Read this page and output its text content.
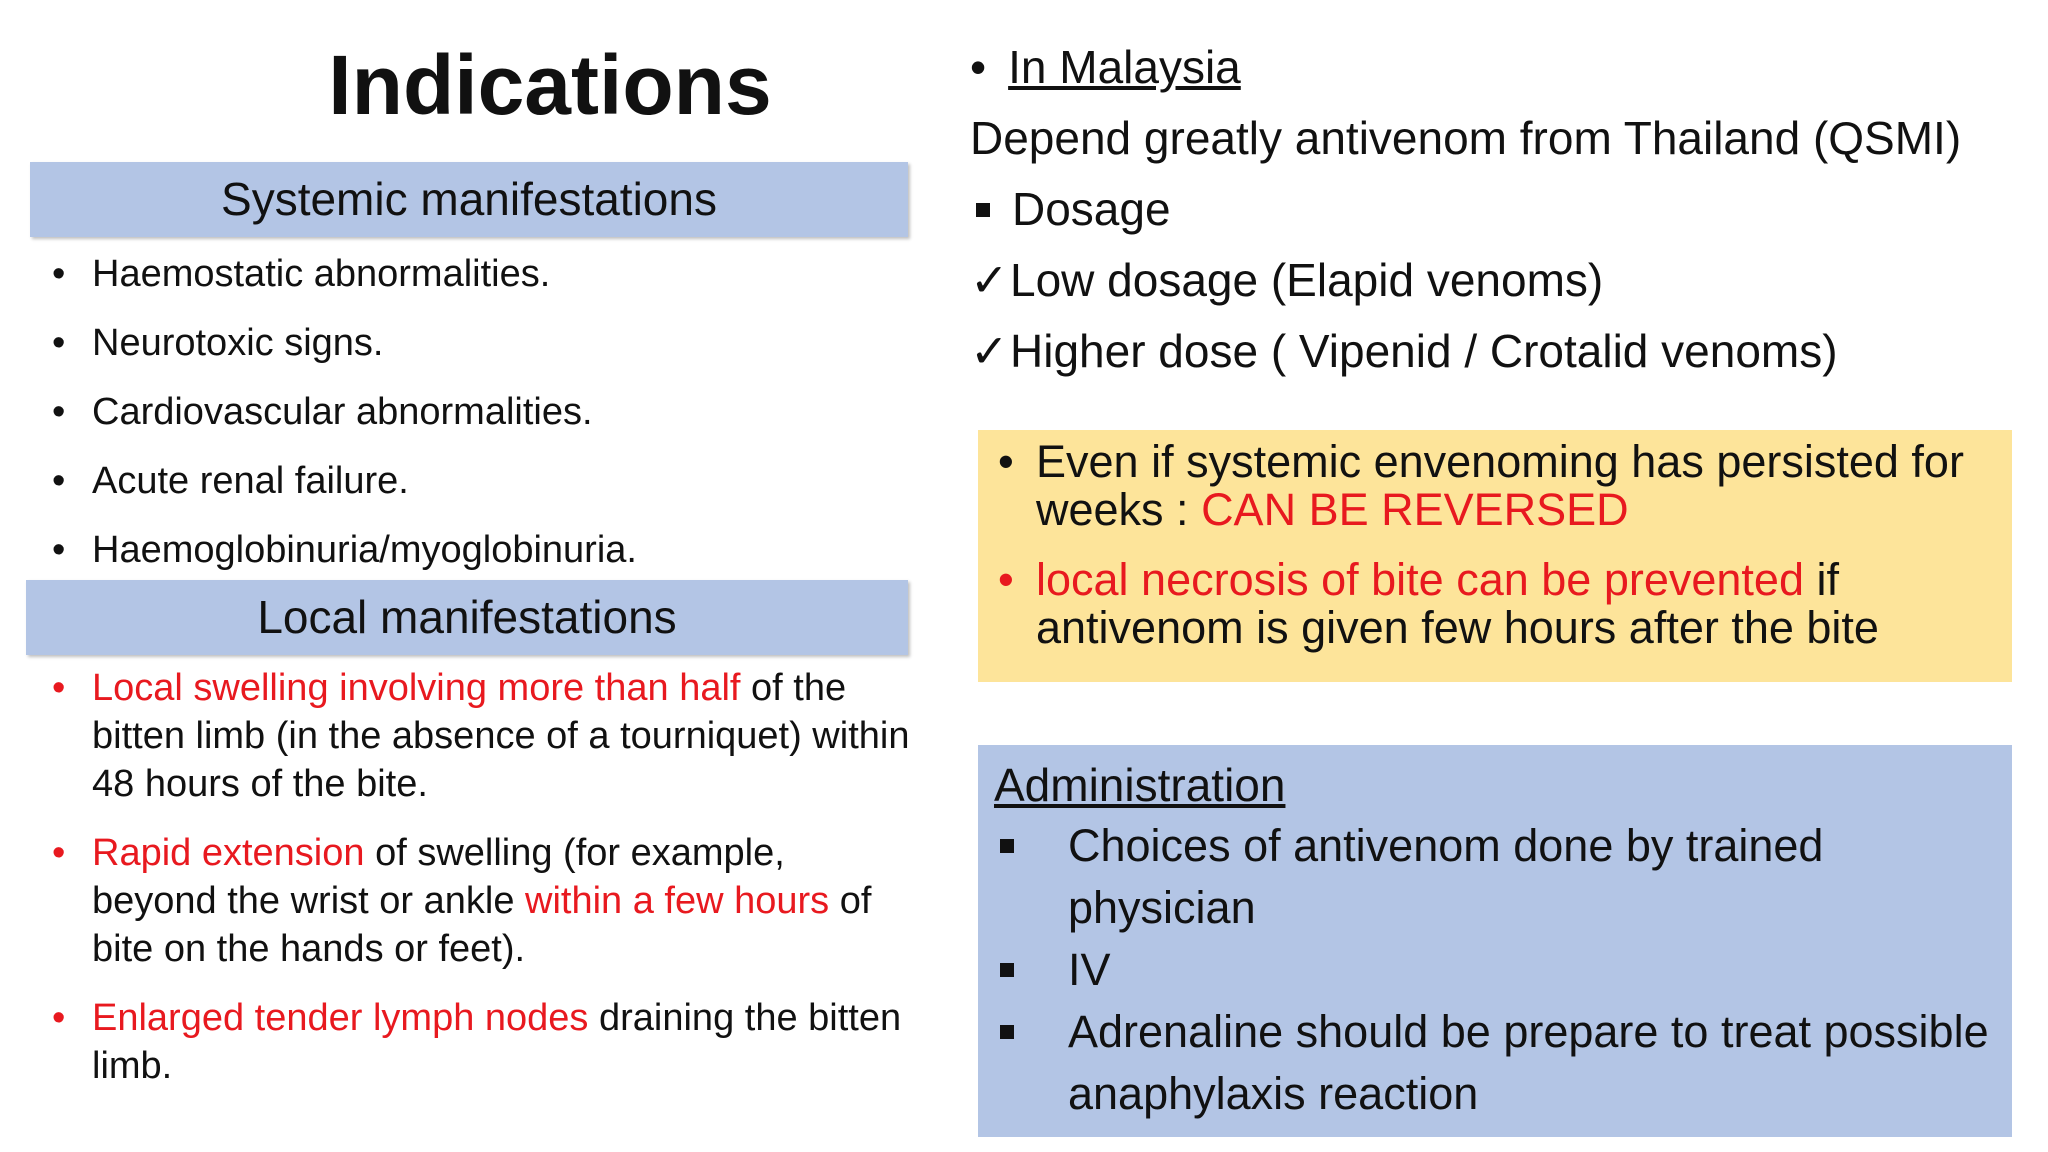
Indications
Systemic manifestations
• Haemostatic abnormalities.
• Neurotoxic signs.
• Cardiovascular abnormalities.
• Acute renal failure.
• Haemoglobinuria/myoglobinuria.
Local manifestations
• Local swelling involving more than half of the bitten limb (in the absence of a tourniquet) within 48 hours of the bite.
• Rapid extension of swelling (for example, beyond the wrist or ankle within a few hours of bite on the hands or feet).
• Enlarged tender lymph nodes draining the bitten limb.
• In Malaysia
Depend greatly antivenom from Thailand (QSMI)
Dosage
✓Low dosage (Elapid venoms)
✓Higher dose ( Vipenid / Crotalid venoms)
• Even if systemic envenoming has persisted for weeks : CAN BE REVERSED
• local necrosis of bite can be prevented if antivenom is given few hours after the bite
Administration
Choices of antivenom done by trained physician
IV
Adrenaline should be prepare to treat possible anaphylaxis reaction
